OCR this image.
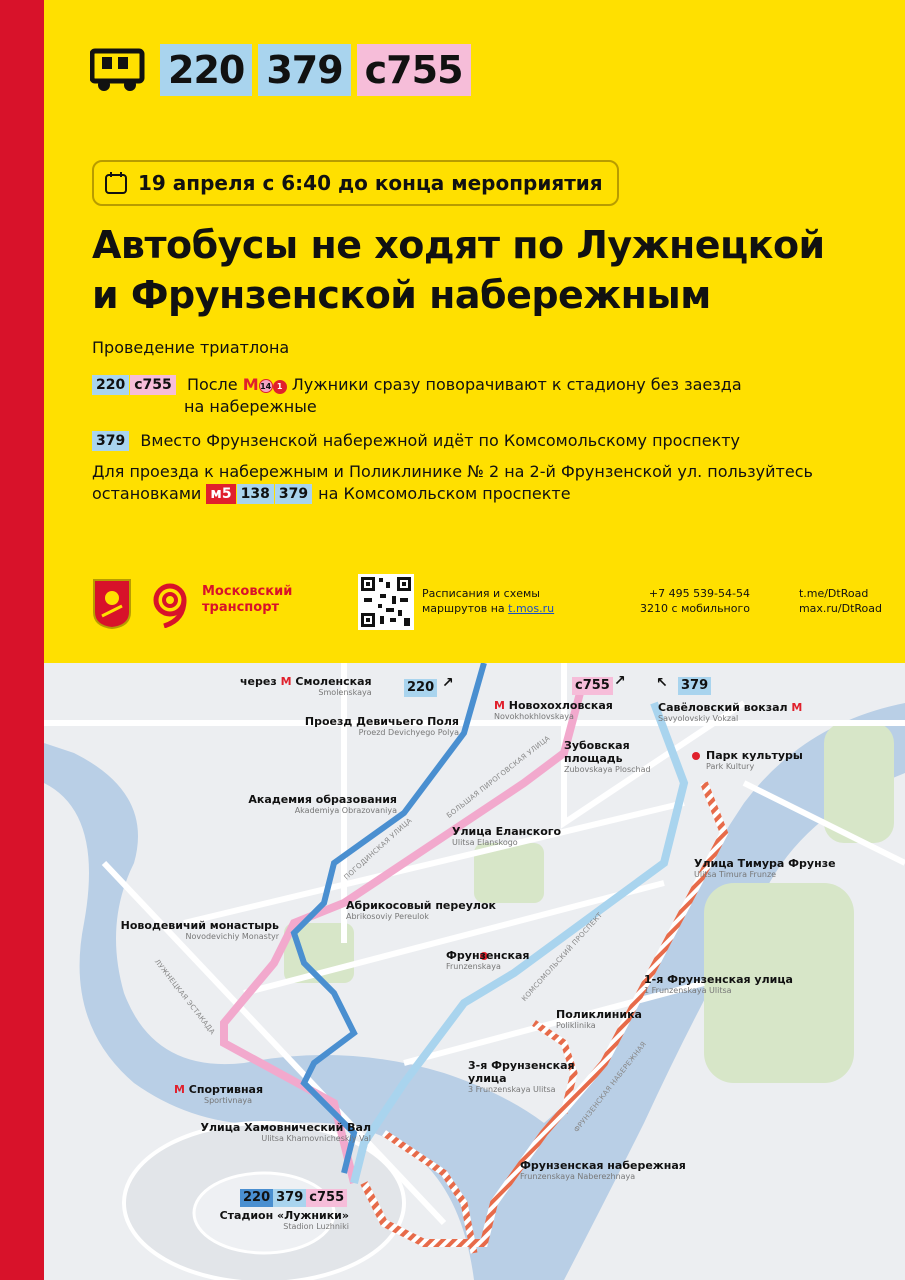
220 379 с755
19 апреля с 6:40 до конца мероприятия
Автобусы не ходят по Лужнецкой
и Фрунзенской набережным
Проведение триатлона
220 с755 После M14 1 Лужники сразу поворачивают к стадиону без заезда
на набережные
379 Вместо Фрунзенской набережной идёт по Комсомольскому проспекту
Для проезда к набережным и Поликлинике № 2 на 2-й Фрунзенской ул. пользуйтесь
остановками м5 138 379 на Комсомольском проспекте
Московский
транспорт
Расписания и схемы
маршрутов на t.mos.ru
+7 495 539-54-54
3210 с мобильного
t.me/DtRoad
max.ru/DtRoad
через M Смоленская
Smolenskaya	220 ↗
M Новохохловская
Novokhokhlovskaya
с755 ↗ ↖ 379
Савёловский вокзал M
Savyolovskiy Vokzal
Проезд Девичьего Поля
Proezd Devichyego Polya
Зубовская
площадь
Zubovskaya Ploschad
Парк культуры
Park Kultury
Академия образования
Akademiya Obrazovaniya
Улица Еланского
Ulitsa Elanskogo
Улица Тимура Фрунзе
Ulitsa Timura Frunze
Абрикосовый переулок
Abrikosoviy Pereulok
Новодевичий монастырь
Novodevichiy Monastyr
Фрунзенская
Frunzenskaya
1-я Фрунзенская улица
1 Frunzenskaya Ulitsa
Поликлиника
Poliklinika
3-я Фрунзенская
улица
3 Frunzenskaya Ulitsa
M Спортивная
Sportivnaya
Улица Хамовнический Вал
Ulitsa Khamovnicheskiy Val
Фрунзенская набережная
Frunzenskaya Naberezhnaya
220 379 с755
Стадион «Лужники»
Stadion Luzhniki
БОЛЬШАЯ ПИРОГОВСКАЯ УЛИЦА
ПОГОДИНСКАЯ УЛИЦА
КОМСОМОЛЬСКИЙ ПРОСПЕКТ
ЛУЖНЕЦКАЯ ЭСТАКАДА
ФРУНЗЕНСКАЯ НАБЕРЕЖНАЯ
